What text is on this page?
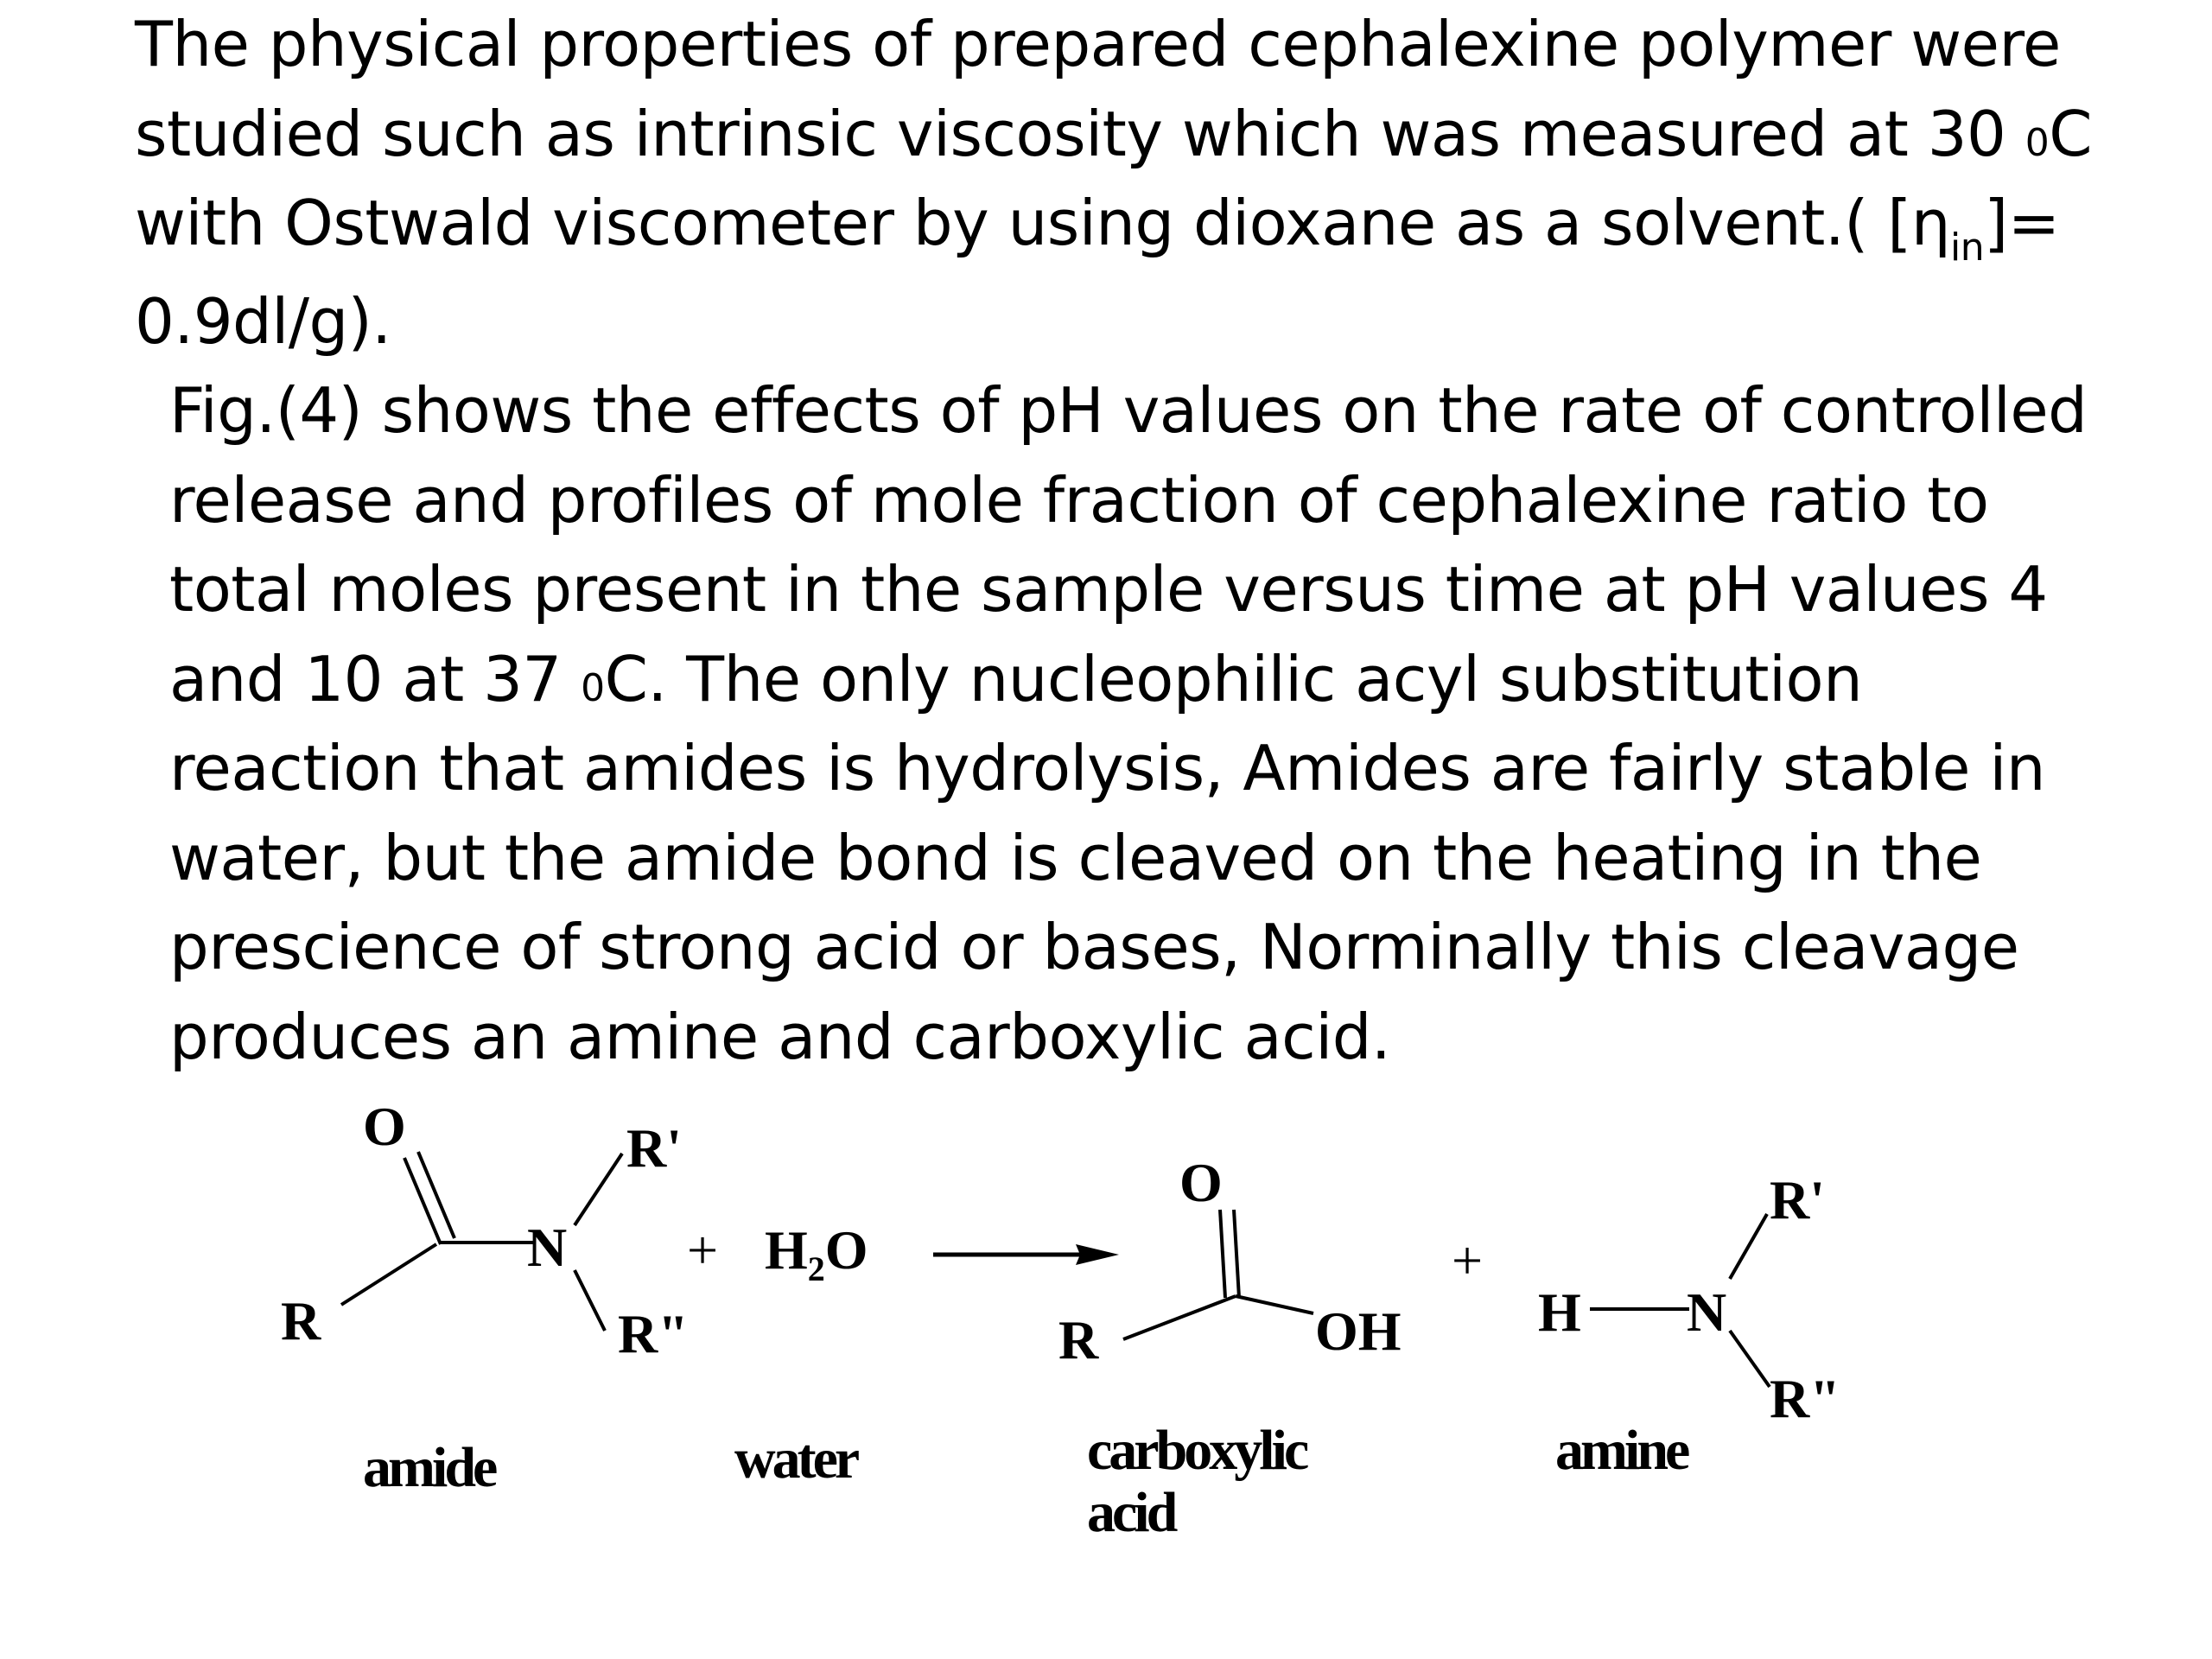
The physical properties of prepared cephalexine polymer were studied such as intrinsic viscosity which was measured at 30 $^0$C with Ostwald viscometer by using dioxane as a solvent.( $[\eta_{in}]= 0.9dl/g$).

Fig.(4) shows the effects of pH values on the rate of controlled release and profiles of mole fraction of cephalexine ratio to total moles present in the sample versus time at pH values 4 and 10 at 37 $^0$C. The only nucleophilic acyl substitution reaction that amides is hydrolysis, Amides are fairly stable in water, but the amide bond is cleaved on the heating in the prescience of strong acid or bases, Norminally this cleavage produces an amine and carboxylic acid.

O
N
R
R'
R"
amide
+ $H_2O$
water
O
OH
R
carboxylic
acid
+
H N
R'
R"
amine
